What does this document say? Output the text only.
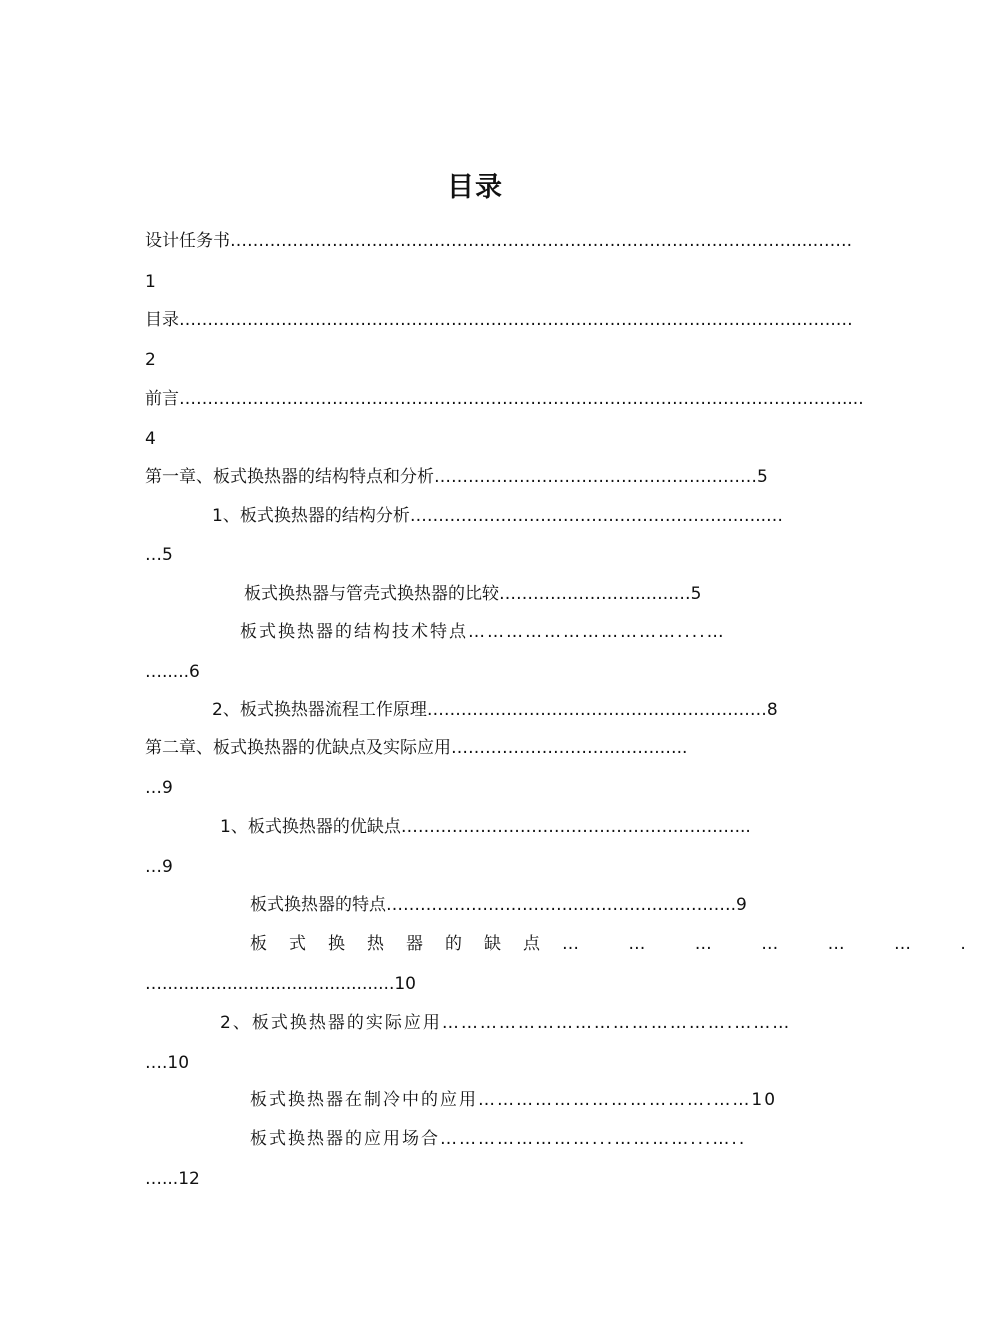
目录
设计任务书………………………………………………………………………………………....…….
1
目录……………………………………………………………………………………………….…….…
2
前言………………………………………………………………………………………………………....
4
第一章、板式换热器的结构特点和分析…………………………………………………5
1、板式换热器的结构分析………………………………………………….…..…
…5
板式换热器与管壳式换热器的比较……………………..…..…5
板式换热器的结构技术特点……………………………....…
….....6
2、板式换热器流程工作原理……………………………………………………8
第二章、板式换热器的优缺点及实际应用………………………...…….…..
…9
1、板式换热器的优缺点………………………………………….…….…...
…9
板式换热器的特点…………………………….……….….….……….9
板式换热器的缺点… … … … … … .
…...........................................10
2、板式换热器的实际应用……………………………………….………
….10
板式换热器在制冷中的应用……………………………….……10
板式换热器的应用场合……………………...…………...…..
…...12
